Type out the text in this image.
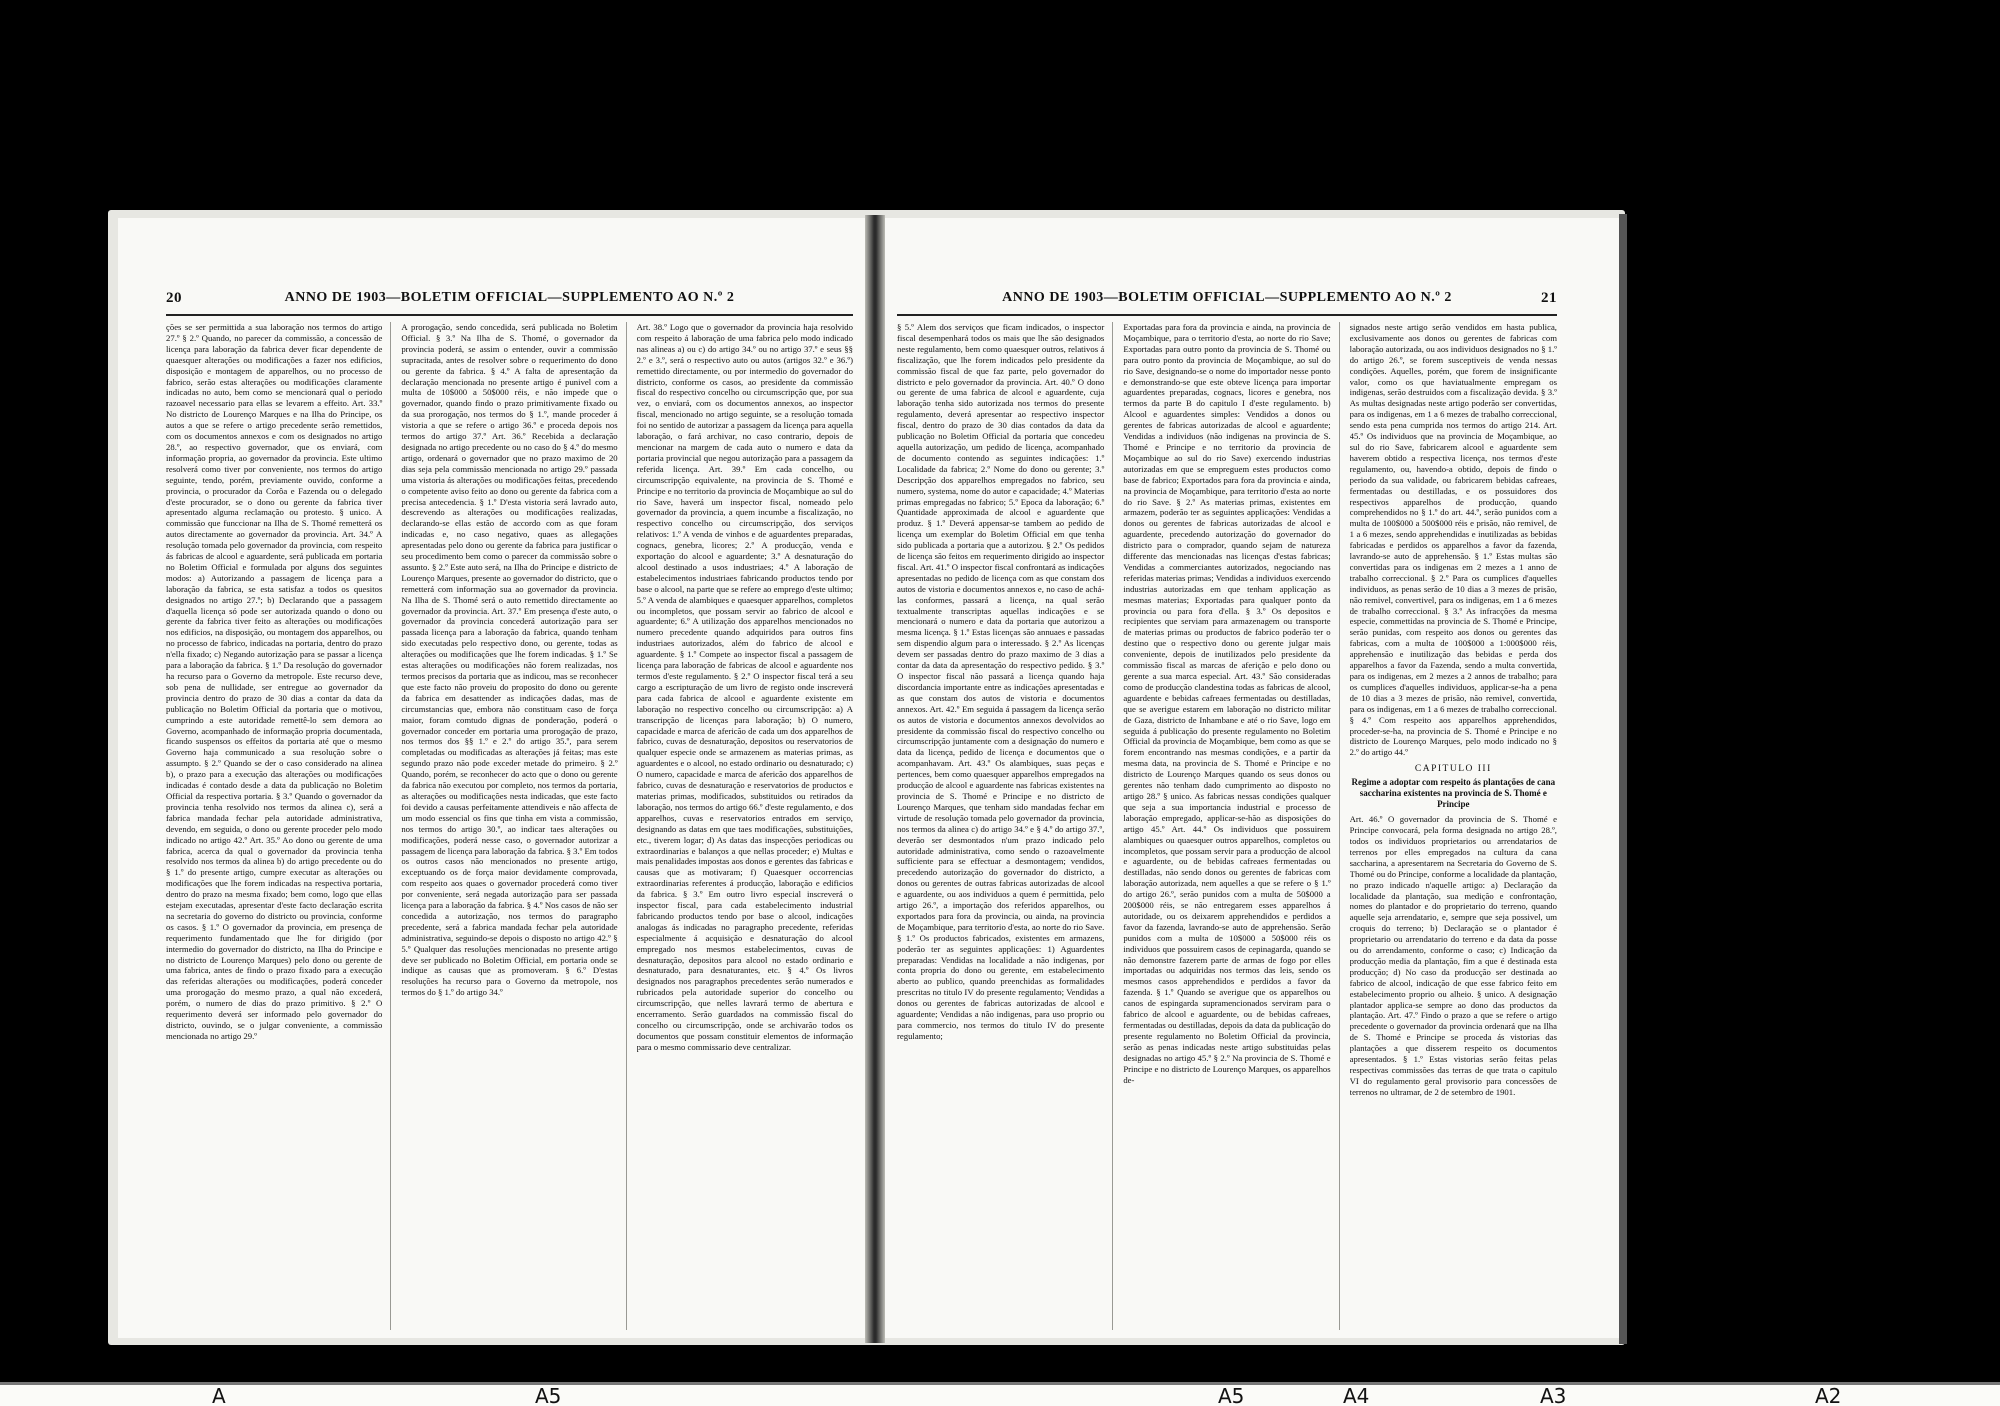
20	ANNO DE 1903—BOLETIM OFFICIAL—SUPPLEMENTO AO N.º 2

ções se ser permittida a sua laboração nos termos do artigo 27.º § 2.º Quando, no parecer da commissão, a concessão de licença para laboração da fabrica dever ficar dependente de quaesquer alterações ou modificações a fazer nos edificios, disposição e montagem de apparelhos, ou no processo de fabrico, serão estas alterações ou modificações claramente indicadas no auto, bem como se mencionará qual o periodo razoavel necessario para ellas se levarem a effeito. Art. 33.º No districto de Lourenço Marques e na Ilha do Principe, os autos a que se refere o artigo precedente serão remettidos, com os documentos annexos e com os designados no artigo 28.º, ao respectivo governador, que os enviará, com informação propria, ao governador da provincia. Este ultimo resolverá como tiver por conveniente, nos termos do artigo seguinte, tendo, porém, previamente ouvido, conforme a provincia, o procurador da Corôa e Fazenda ou o delegado d'este procurador, se o dono ou gerente da fabrica tiver apresentado alguma reclamação ou protesto. § unico. A commissão que funccionar na Ilha de S. Thomé remetterá os autos directamente ao governador da provincia. Art. 34.º A resolução tomada pelo governador da provincia, com respeito ás fabricas de alcool e aguardente, será publicada em portaria no Boletim Official e formulada por alguns dos seguintes modos: a) Autorizando a passagem de licença para a laboração da fabrica, se esta satisfaz a todos os quesitos designados no artigo 27.º; b) Declarando que a passagem d'aquella licença só pode ser autorizada quando o dono ou gerente da fabrica tiver feito as alterações ou modificações nos edificios, na disposição, ou montagem dos apparelhos, ou no processo de fabrico, indicadas na portaria, dentro do prazo n'ella fixado; c) Negando autorização para se passar a licença para a laboração da fabrica. § 1.º Da resolução do governador ha recurso para o Governo da metropole. Este recurso deve, sob pena de nullidade, ser entregue ao governador da provincia dentro do prazo de 30 dias a contar da data da publicação no Boletim Official da portaria que o motivou, cumprindo a este autoridade remettê-lo sem demora ao Governo, acompanhado de informação propria documentada, ficando suspensos os effeitos da portaria até que o mesmo Governo haja communicado a sua resolução sobre o assumpto. § 2.º Quando se der o caso considerado na alinea b), o prazo para a execução das alterações ou modificações indicadas é contado desde a data da publicação no Boletim Official da respectiva portaria. § 3.º Quando o governador da provincia tenha resolvido nos termos da alinea c), será a fabrica mandada fechar pela autoridade administrativa, devendo, em seguida, o dono ou gerente proceder pelo modo indicado no artigo 42.º Art. 35.º Ao dono ou gerente de uma fabrica, acerca da qual o governador da provincia tenha resolvido nos termos da alinea b) do artigo precedente ou do § 1.º do presente artigo, cumpre executar as alterações ou modificações que lhe forem indicadas na respectiva portaria, dentro do prazo na mesma fixado; bem como, logo que ellas estejam executadas, apresentar d'este facto declaração escrita na secretaria do governo do districto ou provincia, conforme os casos. § 1.º O governador da provincia, em presença de requerimento fundamentado que lhe for dirigido (por intermedio do governador do districto, na Ilha do Principe e no districto de Lourenço Marques) pelo dono ou gerente de uma fabrica, antes de findo o prazo fixado para a execução das referidas alterações ou modificações, poderá conceder uma prorogação do mesmo prazo, a qual não excederá, porém, o numero de dias do prazo primitivo. § 2.º O requerimento deverá ser informado pelo governador do districto, ouvindo, se o julgar conveniente, a commissão mencionada no artigo 29.º

A prorogação, sendo concedida, será publicada no Boletim Official. § 3.º Na Ilha de S. Thomé, o governador da provincia poderá, se assim o entender, ouvir a commissão supracitada, antes de resolver sobre o requerimento do dono ou gerente da fabrica. § 4.º A falta de apresentação da declaração mencionada no presente artigo é punivel com a multa de 10$000 a 50$000 réis, e não impede que o governador, quando findo o prazo primitivamente fixado ou da sua prorogação, nos termos do § 1.º, mande proceder á vistoria a que se refere o artigo 36.º e proceda depois nos termos do artigo 37.º Art. 36.º Recebida a declaração designada no artigo precedente ou no caso do § 4.º do mesmo artigo, ordenará o governador que no prazo maximo de 20 dias seja pela commissão mencionada no artigo 29.º passada uma vistoria ás alterações ou modificações feitas, precedendo o competente aviso feito ao dono ou gerente da fabrica com a precisa antecedencia. § 1.º D'esta vistoria será lavrado auto, descrevendo as alterações ou modificações realizadas, declarando-se ellas estão de accordo com as que foram indicadas e, no caso negativo, quaes as allegações apresentadas pelo dono ou gerente da fabrica para justificar o seu procedimento bem como o parecer da commissão sobre o assunto. § 2.º Este auto será, na Ilha do Principe e districto de Lourenço Marques, presente ao governador do districto, que o remetterá com informação sua ao governador da provincia. Na Ilha de S. Thomé será o auto remettido directamente ao governador da provincia. Art. 37.º Em presença d'este auto, o governador da provincia concederá autorização para ser passada licença para a laboração da fabrica, quando tenham sido executadas pelo respectivo dono, ou gerente, todas as alterações ou modificações que lhe forem indicadas. § 1.º Se estas alterações ou modificações não forem realizadas, nos termos precisos da portaria que as indicou, mas se reconhecer que este facto não proveiu do proposito do dono ou gerente da fabrica em desattender as indicações dadas, mas de circumstancias que, embora não constituam caso de força maior, foram comtudo dignas de ponderação, poderá o governador conceder em portaria uma prorogação de prazo, nos termos dos §§ 1.º e 2.º do artigo 35.º, para serem completadas ou modificadas as alterações já feitas; mas este segundo prazo não pode exceder metade do primeiro. § 2.º Quando, porém, se reconhecer do acto que o dono ou gerente da fabrica não executou por completo, nos termos da portaria, as alterações ou modificações nesta indicadas, que este facto foi devido a causas perfeitamente attendiveis e não affecta de um modo essencial os fins que tinha em vista a commissão, nos termos do artigo 30.º, ao indicar taes alterações ou modificações, poderá nesse caso, o governador autorizar a passagem de licença para laboração da fabrica. § 3.º Em todos os outros casos não mencionados no presente artigo, exceptuando os de força maior devidamente comprovada, com respeito aos quaes o governador procederá como tiver por conveniente, será negada autorização para ser passada licença para a laboração da fabrica. § 4.º Nos casos de não ser concedida a autorização, nos termos do paragrapho precedente, será a fabrica mandada fechar pela autoridade administrativa, seguindo-se depois o disposto no artigo 42.º § 5.º Qualquer das resoluções mencionadas no presente artigo deve ser publicado no Boletim Official, em portaria onde se indique as causas que as promoveram. § 6.º D'estas resoluções ha recurso para o Governo da metropole, nos termos do § 1.º do artigo 34.º

Art. 38.º Logo que o governador da provincia haja resolvido com respeito á laboração de uma fabrica pelo modo indicado nas alineas a) ou c) do artigo 34.º ou no artigo 37.º e seus §§ 2.º e 3.º, será o respectivo auto ou autos (artigos 32.º e 36.º) remettido directamente, ou por intermedio do governador do districto, conforme os casos, ao presidente da commissão fiscal do respectivo concelho ou circumscripção que, por sua vez, o enviará, com os documentos annexos, ao inspector fiscal, mencionado no artigo seguinte, se a resolução tomada foi no sentido de autorizar a passagem da licença para aquella laboração, o fará archivar, no caso contrario, depois de mencionar na margem de cada auto o numero e data da portaria provincial que negou autorização para a passagem da referida licença. Art. 39.º Em cada concelho, ou circumscripção equivalente, na provincia de S. Thomé e Principe e no territorio da provincia de Moçambique ao sul do rio Save, haverá um inspector fiscal, nomeado pelo governador da provincia, a quem incumbe a fiscalização, no respectivo concelho ou circumscripção, dos serviços relativos: 1.º A venda de vinhos e de aguardentes preparadas, cognacs, genebra, licores; 2.º A producção, venda e exportação do alcool e aguardente; 3.º A desnaturação do alcool destinado a usos industriaes; 4.º A laboração de estabelecimentos industriaes fabricando productos tendo por base o alcool, na parte que se refere ao emprego d'este ultimo; 5.º A venda de alambiques e quaesquer apparelhos, completos ou incompletos, que possam servir ao fabrico de alcool e aguardente; 6.º A utilização dos apparelhos mencionados no numero precedente quando adquiridos para outros fins industriaes autorizados, além do fabrico de alcool e aguardente. § 1.º Compete ao inspector fiscal a passagem de licença para laboração de fabricas de alcool e aguardente nos termos d'este regulamento. § 2.º O inspector fiscal terá a seu cargo a escripturação de um livro de registo onde inscreverá para cada fabrica de alcool e aguardente existente em laboração no respectivo concelho ou circumscripção: a) A transcripção de licenças para laboração; b) O numero, capacidade e marca de afericão de cada um dos apparelhos de fabrico, cuvas de desnaturação, depositos ou reservatorios de qualquer especie onde se armazenem as materias primas, as aguardentes e o alcool, no estado ordinario ou desnaturado; c) O numero, capacidade e marca de afericão dos apparelhos de fabrico, cuvas de desnaturação e reservatorios de productos e materias primas, modificados, substituidos ou retirados da laboração, nos termos do artigo 66.º d'este regulamento, e dos apparelhos, cuvas e reservatorios entrados em serviço, designando as datas em que taes modificações, substituições, etc., tiverem logar; d) As datas das inspecções periodicas ou extraordinarias e balanços a que nellas proceder; e) Multas e mais penalidades impostas aos donos e gerentes das fabricas e causas que as motivaram; f) Quaesquer occorrencias extraordinarias referentes á producção, laboração e edificios da fabrica. § 3.º Em outro livro especial inscreverá o inspector fiscal, para cada estabelecimento industrial fabricando productos tendo por base o alcool, indicações analogas ás indicadas no paragrapho precedente, referidas especialmente á acquisição e desnaturação do alcool empregado nos mesmos estabelecimentos, cuvas de desnaturação, depositos para alcool no estado ordinario e desnaturado, para desnaturantes, etc. § 4.º Os livros designados nos paragraphos precedentes serão numerados e rubricados pela autoridade superior do concelho ou circumscripção, que nelles lavrará termo de abertura e encerramento. Serão guardados na commissão fiscal do concelho ou circumscripção, onde se archivarão todos os documentos que possam constituir elementos de informação para o mesmo commissario deve centralizar.

ANNO DE 1903—BOLETIM OFFICIAL—SUPPLEMENTO AO N.º 2	21

§ 5.º Alem dos serviços que ficam indicados, o inspector fiscal desempenhará todos os mais que lhe são designados neste regulamento, bem como quaesquer outros, relativos á fiscalização, que lhe forem indicados pelo presidente da commissão fiscal de que faz parte, pelo governador do districto e pelo governador da provincia. Art. 40.º O dono ou gerente de uma fabrica de alcool e aguardente, cuja laboração tenha sido autorizada nos termos do presente regulamento, deverá apresentar ao respectivo inspector fiscal, dentro do prazo de 30 dias contados da data da publicação no Boletim Official da portaria que concedeu aquella autorização, um pedido de licença, acompanhado de documento contendo as seguintes indicações: 1.º Localidade da fabrica; 2.º Nome do dono ou gerente; 3.º Descripção dos apparelhos empregados no fabrico, seu numero, systema, nome do autor e capacidade; 4.º Materias primas empregadas no fabrico; 5.º Epoca da laboração; 6.º Quantidade approximada de alcool e aguardente que produz. § 1.º Deverá appensar-se tambem ao pedido de licença um exemplar do Boletim Official em que tenha sido publicada a portaria que a autorizou. § 2.º Os pedidos de licença são feitos em requerimento dirigido ao inspector fiscal. Art. 41.º O inspector fiscal confrontará as indicações apresentadas no pedido de licença com as que constam dos autos de vistoria e documentos annexos e, no caso de achá-las conformes, passará a licença, na qual serão textualmente transcriptas aquellas indicações e se mencionará o numero e data da portaria que autorizou a mesma licença. § 1.º Estas licenças são annuaes e passadas sem dispendio algum para o interessado. § 2.º As licenças devem ser passadas dentro do prazo maximo de 3 dias a contar da data da apresentação do respectivo pedido. § 3.º O inspector fiscal não passará a licença quando haja discordancia importante entre as indicações apresentadas e as que constam dos autos de vistoria e documentos annexos. Art. 42.º Em seguida á passagem da licença serão os autos de vistoria e documentos annexos devolvidos ao presidente da commissão fiscal do respectivo concelho ou circumscripção juntamente com a designação do numero e data da licença, pedido de licença e documentos que o acompanhavam. Art. 43.º Os alambiques, suas peças e pertences, bem como quaesquer apparelhos empregados na producção de alcool e aguardente nas fabricas existentes na provincia de S. Thomé e Principe e no districto de Lourenço Marques, que tenham sido mandadas fechar em virtude de resolução tomada pelo governador da provincia, nos termos da alinea c) do artigo 34.º e § 4.º do artigo 37.º, deverão ser desmontados n'um prazo indicado pelo autoridade administrativa, como sendo o razoavelmente sufficiente para se effectuar a desmontagem; vendidos, precedendo autorização do governador do districto, a donos ou gerentes de outras fabricas autorizadas de alcool e aguardente, ou aos individuos a quem é permittida, pelo artigo 26.º, a importação dos referidos apparelhos, ou exportados para fora da provincia, ou ainda, na provincia de Moçambique, para territorio d'esta, ao norte do rio Save. § 1.º Os productos fabricados, existentes em armazens, poderão ter as seguintes applicações: 1) Aguardentes preparadas: Vendidas na localidade a não indigenas, por conta propria do dono ou gerente, em estabelecimento aberto ao publico, quando preenchidas as formalidades prescritas no titulo IV do presente regulamento; Vendidas a donos ou gerentes de fabricas autorizadas de alcool e aguardente; Vendidas a não indigenas, para uso proprio ou para commercio, nos termos do titulo IV do presente regulamento;

Exportadas para fora da provincia e ainda, na provincia de Moçambique, para o territorio d'esta, ao norte do rio Save; Exportadas para outro ponto da provincia de S. Thomé ou para outro ponto da provincia de Moçambique, ao sul do rio Save, designando-se o nome do importador nesse ponto e demonstrando-se que este obteve licença para importar aguardentes preparadas, cognacs, licores e genebra, nos termos da parte B do capitulo I d'este regulamento. b) Alcool e aguardentes simples: Vendidos a donos ou gerentes de fabricas autorizadas de alcool e aguardente; Vendidas a individuos (não indigenas na provincia de S. Thomé e Principe e no territorio da provincia de Moçambique ao sul do rio Save) exercendo industrias autorizadas em que se empreguem estes productos como base de fabrico; Exportados para fora da provincia e ainda, na provincia de Moçambique, para territorio d'esta ao norte do rio Save. § 2.º As materias primas, existentes em armazem, poderão ter as seguintes applicações: Vendidas a donos ou gerentes de fabricas autorizadas de alcool e aguardente, precedendo autorização do governador do districto para o comprador, quando sejam de natureza differente das mencionadas nas licenças d'estas fabricas; Vendidas a commerciantes autorizados, negociando nas referidas materias primas; Vendidas a individuos exercendo industrias autorizadas em que tenham applicação as mesmas materias; Exportadas para qualquer ponto da provincia ou para fora d'ella. § 3.º Os depositos e recipientes que serviam para armazenagem ou transporte de materias primas ou productos de fabrico poderão ter o destino que o respectivo dono ou gerente julgar mais conveniente, depois de inutilizados pelo presidente da commissão fiscal as marcas de aferição e pelo dono ou gerente a sua marca especial. Art. 43.º São consideradas como de producção clandestina todas as fabricas de alcool, aguardente e bebidas cafreaes fermentadas ou destilladas, que se averigue estarem em laboração no districto militar de Gaza, districto de Inhambane e até o rio Save, logo em seguida á publicação do presente regulamento no Boletim Official da provincia de Moçambique, bem como as que se forem encontrando nas mesmas condições, e a partir da mesma data, na provincia de S. Thomé e Principe e no districto de Lourenço Marques quando os seus donos ou gerentes não tenham dado cumprimento ao disposto no artigo 28.º § unico. As fabricas nessas condições qualquer que seja a sua importancia industrial e processo de laboração empregado, applicar-se-hão as disposições do artigo 45.º Art. 44.º Os individuos que possuirem alambiques ou quaesquer outros apparelhos, completos ou incompletos, que possam servir para a producção de alcool e aguardente, ou de bebidas cafreaes fermentadas ou destilladas, não sendo donos ou gerentes de fabricas com laboração autorizada, nem aquelles a que se refere o § 1.º do artigo 26.º, serão punidos com a multa de 50$000 a 200$000 réis, se não entregarem esses apparelhos á autoridade, ou os deixarem apprehendidos e perdidos a favor da fazenda, lavrando-se auto de apprehensão. Serão punidos com a multa de 10$000 a 50$000 réis os individuos que possuirem casos de cepinagarda, quando se não demonstre fazerem parte de armas de fogo por elles importadas ou adquiridas nos termos das leis, sendo os mesmos casos apprehendidos e perdidos a favor da fazenda. § 1.º Quando se averigue que os apparelhos ou canos de espingarda supramencionados serviram para o fabrico de alcool e aguardente, ou de bebidas cafreaes, fermentadas ou destilladas, depois da data da publicação do presente regulamento no Boletim Official da provincia, serão as penas indicadas neste artigo substituidas pelas designadas no artigo 45.º § 2.º Na provincia de S. Thomé e Principe e no districto de Lourenço Marques, os apparelhos de-

signados neste artigo serão vendidos em hasta publica, exclusivamente aos donos ou gerentes de fabricas com laboração autorizada, ou aos individuos designados no § 1.º do artigo 26.º, se forem susceptiveis de venda nessas condições. Aquelles, porém, que forem de insignificante valor, como os que haviatualmente empregam os indigenas, serão destruidos com a fiscalização devida. § 3.º As multas designadas neste artigo poderão ser convertidas, para os indigenas, em 1 a 6 mezes de trabalho correccional, sendo esta pena cumprida nos termos do artigo 214. Art. 45.º Os individuos que na provincia de Moçambique, ao sul do rio Save, fabricarem alcool e aguardente sem haverem obtido a respectiva licença, nos termos d'este regulamento, ou, havendo-a obtido, depois de findo o periodo da sua validade, ou fabricarem bebidas cafreaes, fermentadas ou destilladas, e os possuidores dos respectivos apparelhos de producção, quando comprehendidos no § 1.º do art. 44.º, serão punidos com a multa de 100$000 a 500$000 réis e prisão, não remivel, de 1 a 6 mezes, sendo apprehendidas e inutilizadas as bebidas fabricadas e perdidos os apparelhos a favor da fazenda, lavrando-se auto de apprehensão. § 1.º Estas multas são convertidas para os indigenas em 2 mezes a 1 anno de trabalho correccional. § 2.º Para os cumplices d'aquelles individuos, as penas serão de 10 dias a 3 mezes de prisão, não remivel, convertivel, para os indigenas, em 1 a 6 mezes de trabalho correccional. § 3.º As infracções da mesma especie, commettidas na provincia de S. Thomé e Principe, serão punidas, com respeito aos donos ou gerentes das fabricas, com a multa de 100$000 a 1:000$000 réis, apprehensão e inutilização das bebidas e perda dos apparelhos a favor da Fazenda, sendo a multa convertida, para os indigenas, em 2 mezes a 2 annos de trabalho; para os cumplices d'aquelles individuos, applicar-se-ha a pena de 10 dias a 3 mezes de prisão, não remivel, convertida, para os indigenas, em 1 a 6 mezes de trabalho correccional. § 4.º Com respeito aos apparelhos apprehendidos, proceder-se-ha, na provincia de S. Thomé e Principe e no districto de Lourenço Marques, pelo modo indicado no § 2.º do artigo 44.º

CAPITULO III

Regime a adoptar com respeito ás plantações de cana saccharina existentes na provincia de S. Thomé e Principe

Art. 46.º O governador da provincia de S. Thomé e Principe convocará, pela forma designada no artigo 28.º, todos os individuos proprietarios ou arrendatarios de terrenos por elles empregados na cultura da cana saccharina, a apresentarem na Secretaria do Governo de S. Thomé ou do Principe, conforme a localidade da plantação, no prazo indicado n'aquelle artigo: a) Declaração da localidade da plantação, sua medição e confrontação, nomes do plantador e do proprietario do terreno, quando aquelle seja arrendatario, e, sempre que seja possivel, um croquis do terreno; b) Declaração se o plantador é proprietario ou arrendatario do terreno e da data da posse ou do arrendamento, conforme o caso; c) Indicação da producção media da plantação, fim a que é destinada esta producção; d) No caso da producção ser destinada ao fabrico de alcool, indicação de que esse fabrico feito em estabelecimento proprio ou alheio. § unico. A designação plantador applica-se sempre ao dono das productos da plantação. Art. 47.º Findo o prazo a que se refere o artigo precedente o governador da provincia ordenará que na Ilha de S. Thomé e Principe se proceda ás vistorias das plantações a que disserem respeito os documentos apresentados. § 1.º Estas vistorias serão feitas pelas respectivas commissões das terras de que trata o capitulo VI do regulamento geral provisorio para concessões de terrenos no ultramar, de 2 de setembro de 1901.

A	A5	A5	A4	A3	A2
